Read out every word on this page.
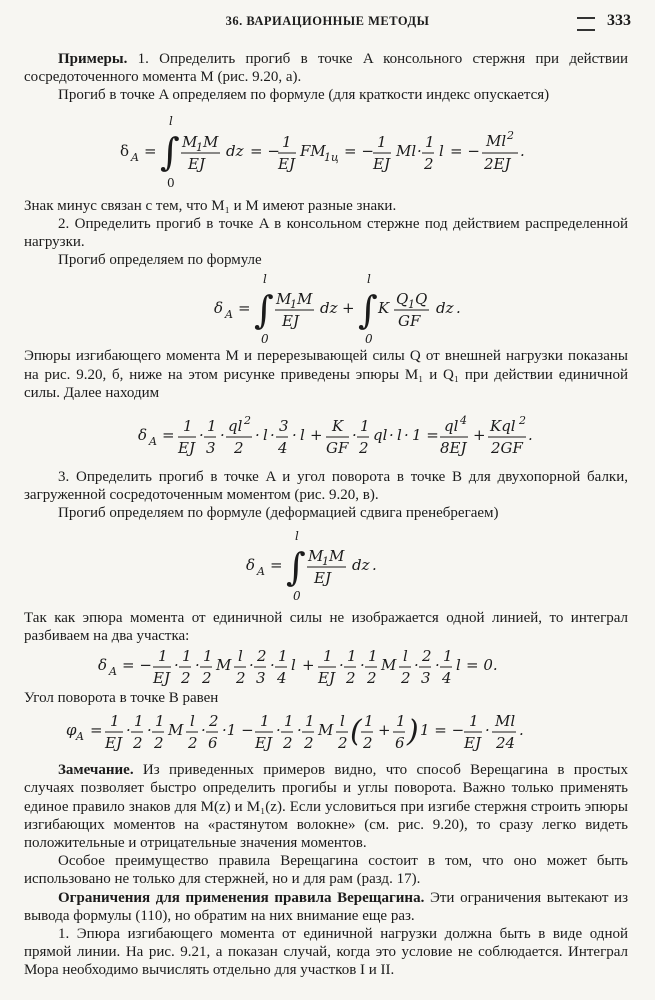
36. ВАРИАЦИОННЫЕ МЕТОДЫ	333

Примеры. 1. Определить прогиб в точке A консольного стержня при действии сосредоточенного момента M (рис. 9.20, а).

Прогиб в точке A определяем по формуле (для краткости индекс опускается)

δ A = ∫
l
0
M
1 M
EJ
dz = − 1
EJ
FM
1ц = − 1
EJ
Ml · 1
2
l = −
Ml 2
2EJ
.

Знак минус связан с тем, что M₁ и M имеют разные знаки.

2. Определить прогиб в точке A в консольном стержне под действием распределенной нагрузки.

Прогиб определяем по формуле

δ A = ∫
l
0
M
1 M
EJ
dz + ∫
l
0
K Q 1 Q
GF
dz .

Эпюры изгибающего момента M и перерезывающей силы Q от внешней нагрузки показаны на рис. 9.20, б, ниже на этом рисунке приведены эпюры M₁ и Q₁ при действии единичной силы. Далее находим

δ A = 1
EJ
· 1
3
· ql 2
2
· l · 3
4
· l + K
GF
· 1
2
ql · l · 1 = ql 4
8EJ
+ Kql 2
2GF
.

3. Определить прогиб в точке A и угол поворота в точке B для двухопорной балки, загруженной сосредоточенным моментом (рис. 9.20, в).

Прогиб определяем по формуле (деформацией сдвига пренебрегаем)

δ A = ∫
l
0
M
1 M
EJ
dz .

Так как эпюра момента от единичной силы не изображается одной линией, то интеграл разбиваем на два участка:

δ A = − 1
EJ
· 1
2
· 1
2
M l
2
· 2
3
· 1
4
l + 1
EJ
· 1
2
· 1
2
M l
2
· 2
3
· 1
4
l = 0.

Угол поворота в точке B равен

φ A = 1
EJ
· 1
2
· 1
2
M l
2
· 2
6
·1 − 1
EJ
· 1
2
· 1
2
M l
2 ( 1
2
+ 1
6 ) 1 = − 1
EJ
· Ml
24
.

Замечание. Из приведенных примеров видно, что способ Верещагина в простых случаях позволяет быстро определить прогибы и углы поворота. Важно только применять единое правило знаков для M(z) и M₁(z). Если условиться при изгибе стержня строить эпюры изгибающих моментов на «растянутом волокне» (см. рис. 9.20), то сразу легко видеть положительные и отрицательные значения моментов.

Особое преимущество правила Верещагина состоит в том, что оно может быть использовано не только для стержней, но и для рам (разд. 17).

Ограничения для применения правила Верещагина. Эти ограничения вытекают из вывода формулы (110), но обратим на них внимание еще раз.

1. Эпюра изгибающего момента от единичной нагрузки должна быть в виде одной прямой линии. На рис. 9.21, а показан случай, когда это условие не соблюдается. Интеграл Мора необходимо вычислять отдельно для участков I и II.
